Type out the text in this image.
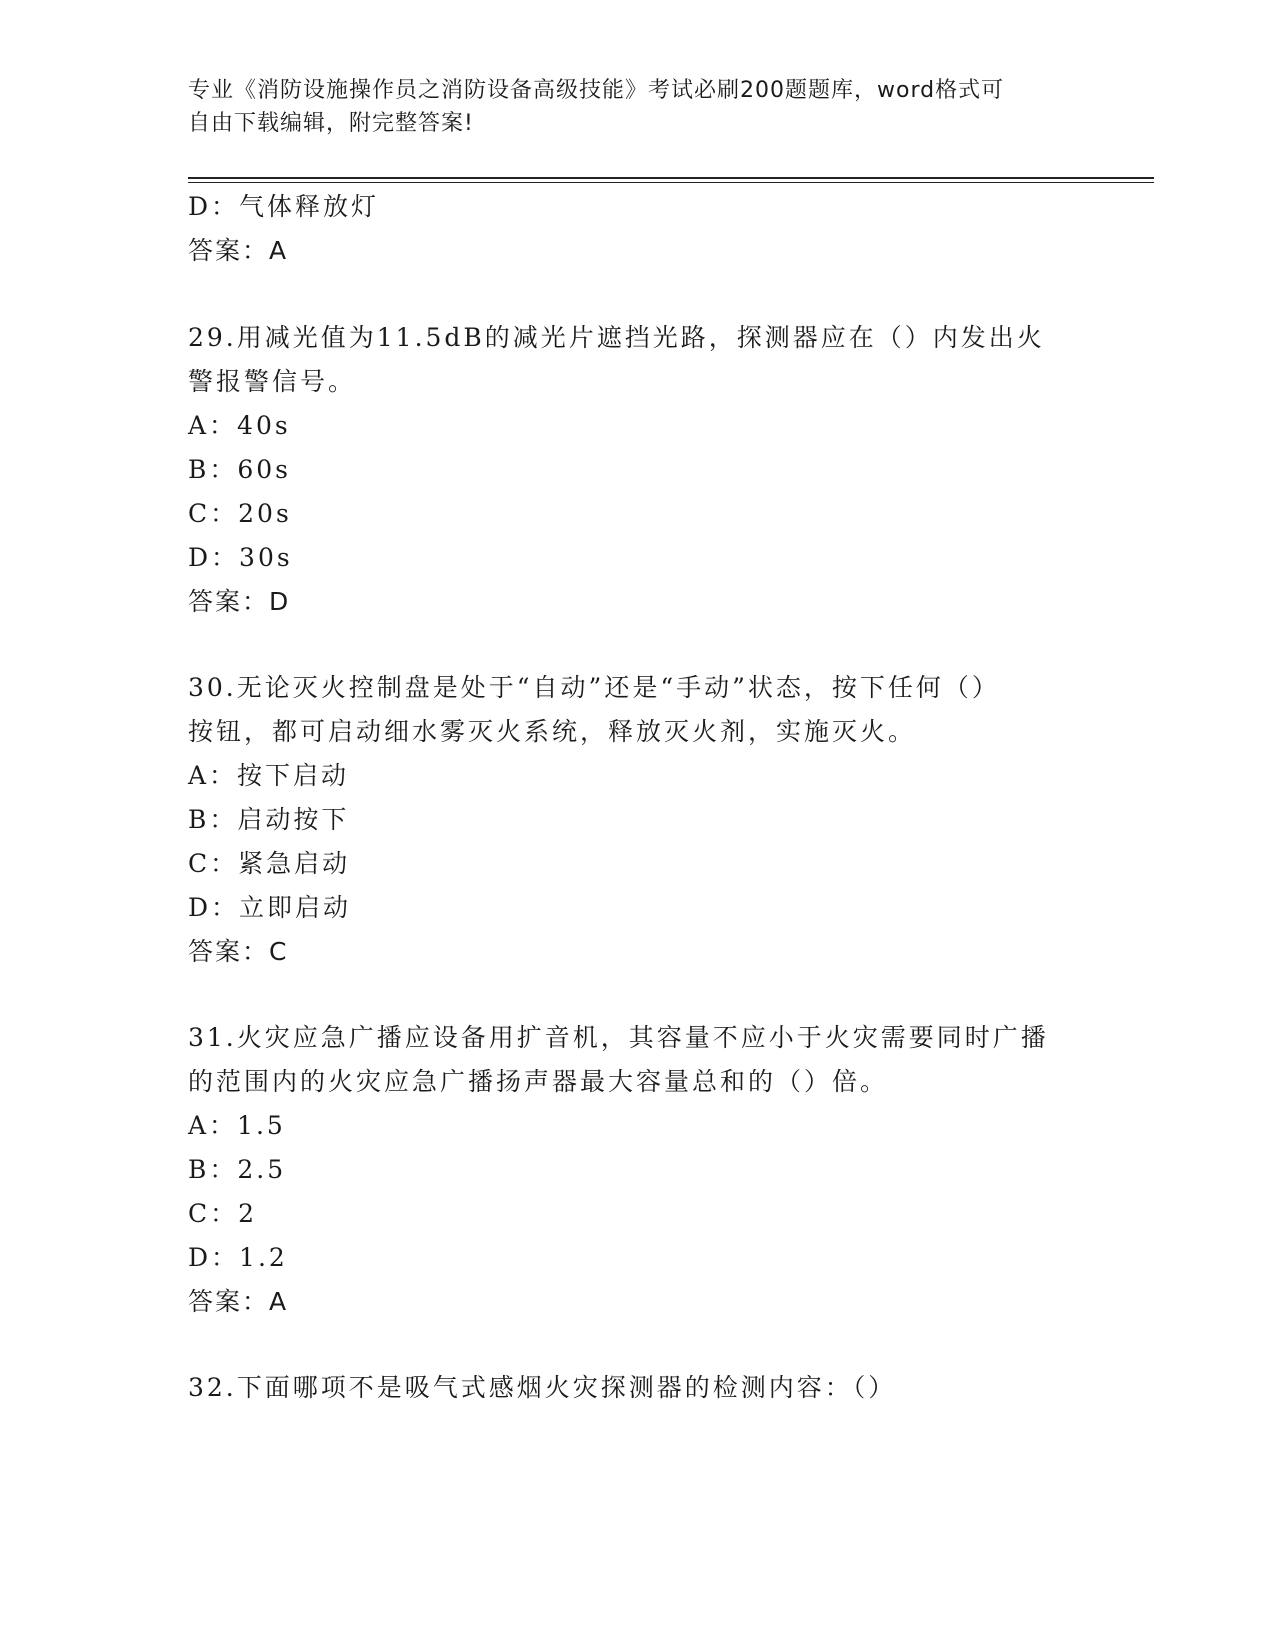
专业《消防设施操作员之消防设备高级技能》考试必刷200题题库，word格式可
自由下载编辑，附完整答案!
D：气体释放灯
答案：A
29.用减光值为11.5dB的减光片遮挡光路，探测器应在（）内发出火
警报警信号。
A：40s
B：60s
C：20s
D：30s
答案：D
30.无论灭火控制盘是处于“自动”还是“手动”状态，按下任何（）
按钮，都可启动细水雾灭火系统，释放灭火剂，实施灭火。
A：按下启动
B：启动按下
C：紧急启动
D：立即启动
答案：C
31.火灾应急广播应设备用扩音机，其容量不应小于火灾需要同时广播
的范围内的火灾应急广播扬声器最大容量总和的（）倍。
A：1.5
B：2.5
C：2
D：1.2
答案：A
32.下面哪项不是吸气式感烟火灾探测器的检测内容：（）
